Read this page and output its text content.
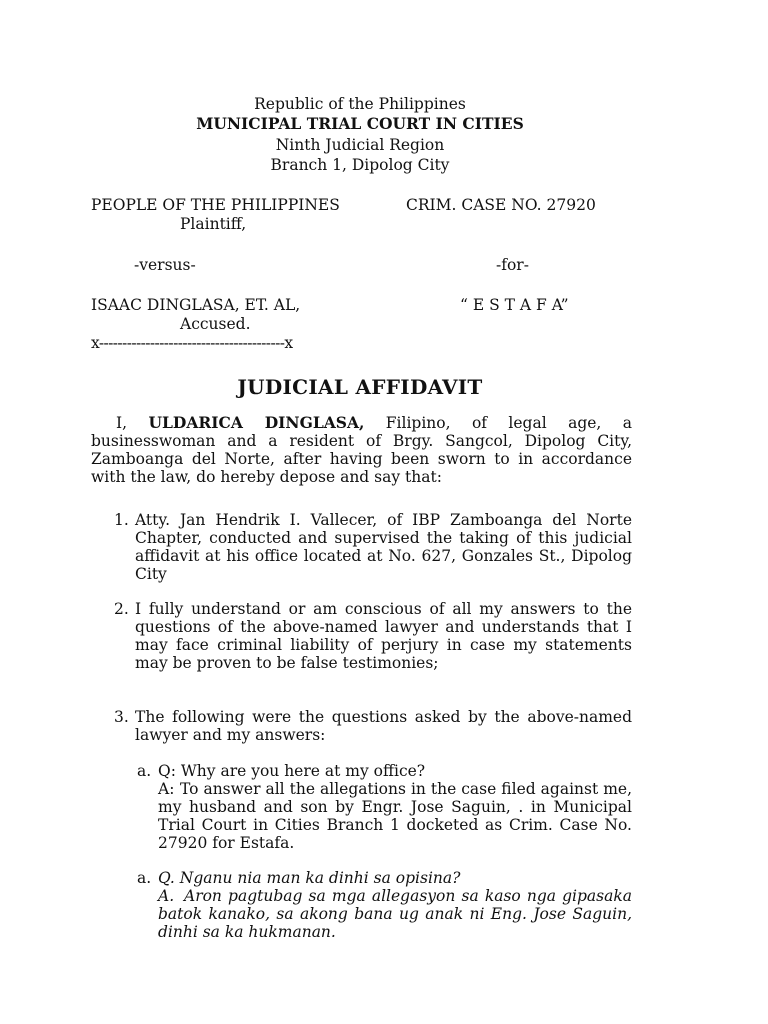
Republic of the Philippines
MUNICIPAL TRIAL COURT IN CITIES
Ninth Judicial Region
Branch 1, Dipolog City
PEOPLE OF THE PHILIPPINES	CRIM. CASE NO. 27920
Plaintiff,
-versus-	-for-
ISAAC DINGLASA, ET. AL,	“ E S T A F A”
Accused.
x----------------------------------------x
JUDICIAL AFFIDAVIT
I, ULDARICA DINGLASA, Filipino, of legal age, a businesswoman and a resident of Brgy. Sangcol, Dipolog City, Zamboanga del Norte, after having been sworn to in accordance with the law, do hereby depose and say that:
1. Atty. Jan Hendrik I. Vallecer, of IBP Zamboanga del Norte Chapter, conducted and supervised the taking of this judicial affidavit at his office located at No. 627, Gonzales St., Dipolog City
2. I fully understand or am conscious of all my answers to the questions of the above-named lawyer and understands that I may face criminal liability of perjury in case my statements may be proven to be false testimonies;
3. The following were the questions asked by the above-named lawyer and my answers:
a. Q: Why are you here at my office?
A: To answer all the allegations in the case filed against me, my husband and son by Engr. Jose Saguin, . in Municipal Trial Court in Cities Branch 1 docketed as Crim. Case No. 27920 for Estafa.
a. Q. Nganu nia man ka dinhi sa opisina?
A. Aron pagtubag sa mga allegasyon sa kaso nga gipasaka batok kanako, sa akong bana ug anak ni Eng. Jose Saguin, dinhi sa ka hukmanan.
